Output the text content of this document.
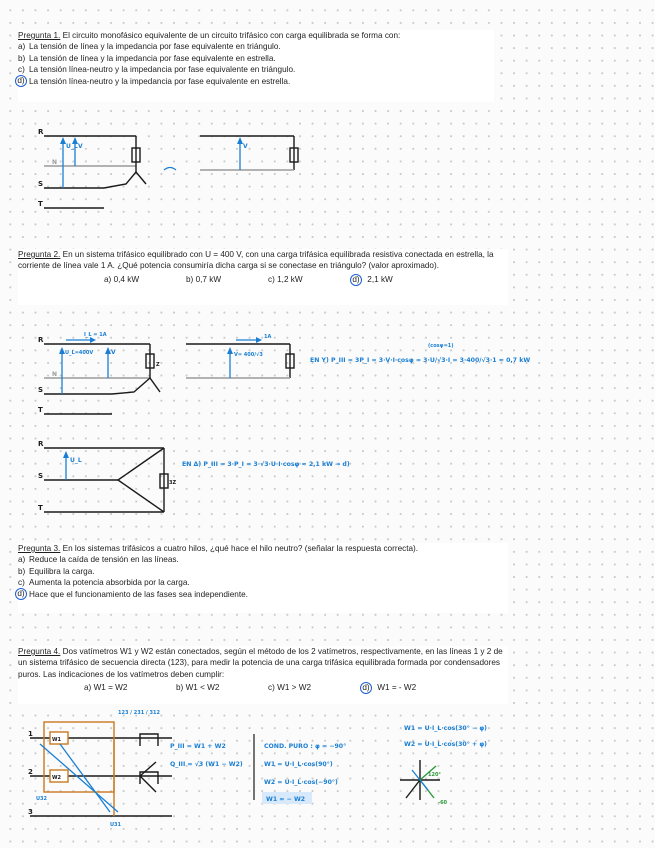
Pregunta 1. El circuito monofásico equivalente de un circuito trifásico con carga equilibrada se forma con:

a) La tensión de línea y la impedancia por fase equivalente en triángulo.
b) La tensión de línea y la impedancia por fase equivalente en estrella.
c) La tensión línea-neutro y la impedancia por fase equivalente en triángulo.
d) La tensión línea-neutro y la impedancia por fase equivalente en estrella.

Pregunta 2. En un sistema trifásico equilibrado con U = 400 V, con una carga trifásica equilibrada resistiva conectada en estrella, la corriente de línea vale 1 A. ¿Qué potencia consumiría dicha carga si se conectase en triángulo? (valor aproximado).

a) 0,4 kW	b) 0,7 kW	c) 1,2 kW	d) 2,1 kW

Pregunta 3. En los sistemas trifásicos a cuatro hilos, ¿qué hace el hilo neutro? (señalar la respuesta correcta).

a) Reduce la caída de tensión en las líneas.
b) Equilibra la carga.
c) Aumenta la potencia absorbida por la carga.
d) Hace que el funcionamiento de las fases sea independiente.

Pregunta 4. Dos vatímetros W1 y W2 están conectados, según el método de los 2 vatímetros, respectivamente, en las líneas 1 y 2 de un sistema trifásico de secuencia directa (123), para medir la potencia de una carga trifásica equilibrada formada por condensadores puros. Las indicaciones de los vatímetros deben cumplir:

a) W1 = W2	b) W1 < W2	c) W1 > W2	d) W1 = - W2
R
N
S
T
U_L V	V
R
N
S
T
I_L = 1A
U_L=400V	V
Z
1A
V= 400/√3
(cosφ=1)
EN Y) P_III = 3P_I = 3·V·I·cosφ = 3·U/√3·I = 3·400/√3·1 ≈ 0,7 kW
R
S
T
U_L
3Z
EN Δ) P_III = 3·P_I = 3·√3·U·I·cosφ ≈ 2,1 kW → d)
1
2
3
W1
W2
U32
U31
123 / 231 / 312
P_III = W1 + W2
Q_III = √3 (W1 − W2)
COND. PURO : φ = −90°
W1 = U·I_L·cos(90°)
W2 = U·I_L·cos(−90°)
W1 = − W2
W1 = U·I_L·cos(30° − φ)
W2 = U·I_L·cos(30° + φ)
120°
-60
